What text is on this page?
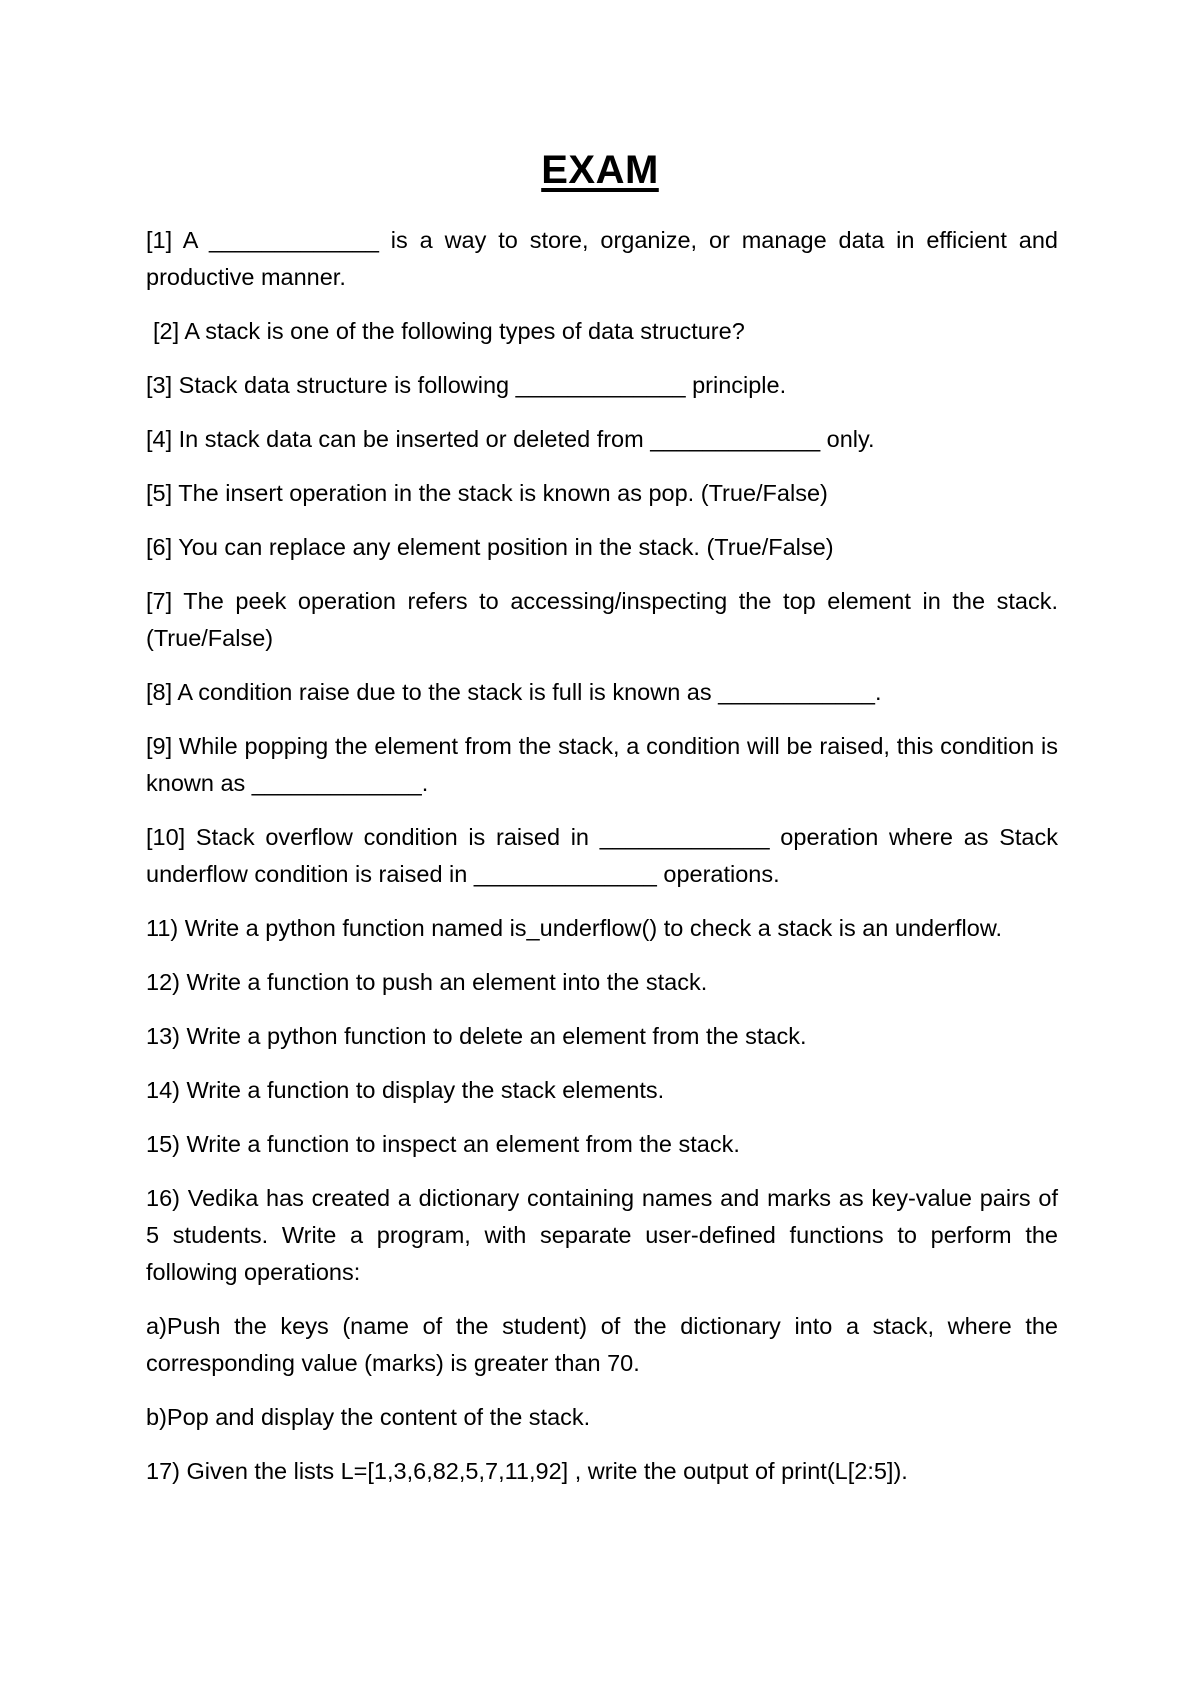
EXAM

[1] A _____________ is a way to store, organize, or manage data in efficient and productive manner.

[2] A stack is one of the following types of data structure?

[3] Stack data structure is following _____________ principle.

[4] In stack data can be inserted or deleted from _____________ only.

[5] The insert operation in the stack is known as pop. (True/False)

[6] You can replace any element position in the stack. (True/False)

[7] The peek operation refers to accessing/inspecting the top element in the stack. (True/False)

[8] A condition raise due to the stack is full is known as ____________.

[9] While popping the element from the stack, a condition will be raised, this condition is known as _____________.

[10] Stack overflow condition is raised in _____________ operation where as Stack underflow condition is raised in ______________ operations.

11) Write a python function named is_underflow() to check a stack is an underflow.

12) Write a function to push an element into the stack.

13) Write a python function to delete an element from the stack.

14) Write a function to display the stack elements.

15) Write a function to inspect an element from the stack.

16) Vedika has created a dictionary containing names and marks as key-value pairs of 5 students. Write a program, with separate user-defined functions to perform the following operations:

a)Push the keys (name of the student) of the dictionary into a stack, where the corresponding value (marks) is greater than 70.

b)Pop and display the content of the stack.

17) Given the lists L=[1,3,6,82,5,7,11,92] , write the output of print(L[2:5]).
